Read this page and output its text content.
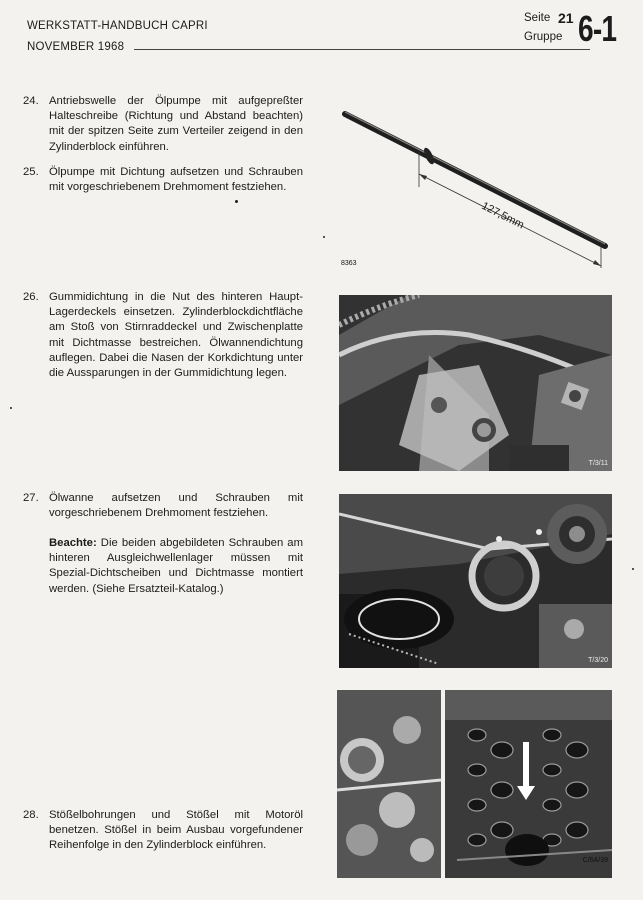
WERKSTATT-HANDBUCH CAPRI
NOVEMBER 1968
Seite 21
Gruppe 6-1
24. Antriebswelle der Ölpumpe mit aufgepreßter Halteschreibe (Richtung und Abstand beachten) mit der spitzen Seite zum Verteiler zeigend in den Zylinderblock einführen.
25. Ölpumpe mit Dichtung aufsetzen und Schrauben mit vorgeschriebenem Drehmoment festziehen.
26. Gummidichtung in die Nut des hinteren Haupt-Lagerdeckels einsetzen. Zylinderblockdichtfläche am Stoß von Stirnraddeckel und Zwischenplatte mit Dichtmasse bestreichen. Ölwannendichtung auflegen. Dabei die Nasen der Korkdichtung unter die Aussparungen in der Gummidichtung legen.
27. Ölwanne aufsetzen und Schrauben mit vorgeschriebenem Drehmoment festziehen.
Beachte: Die beiden abgebildeten Schrauben am hinteren Ausgleichwellenlager müssen mit Spezial-Dichtscheiben und Dichtmasse montiert werden. (Siehe Ersatzteil-Katalog.)
28. Stößelbohrungen und Stößel mit Motoröl benetzen. Stößel in beim Ausbau vorgefundener Reihenfolge in den Zylinderblock einführen.
127,5mm
8363
T/3/11
T/3/20
C/6A/39
